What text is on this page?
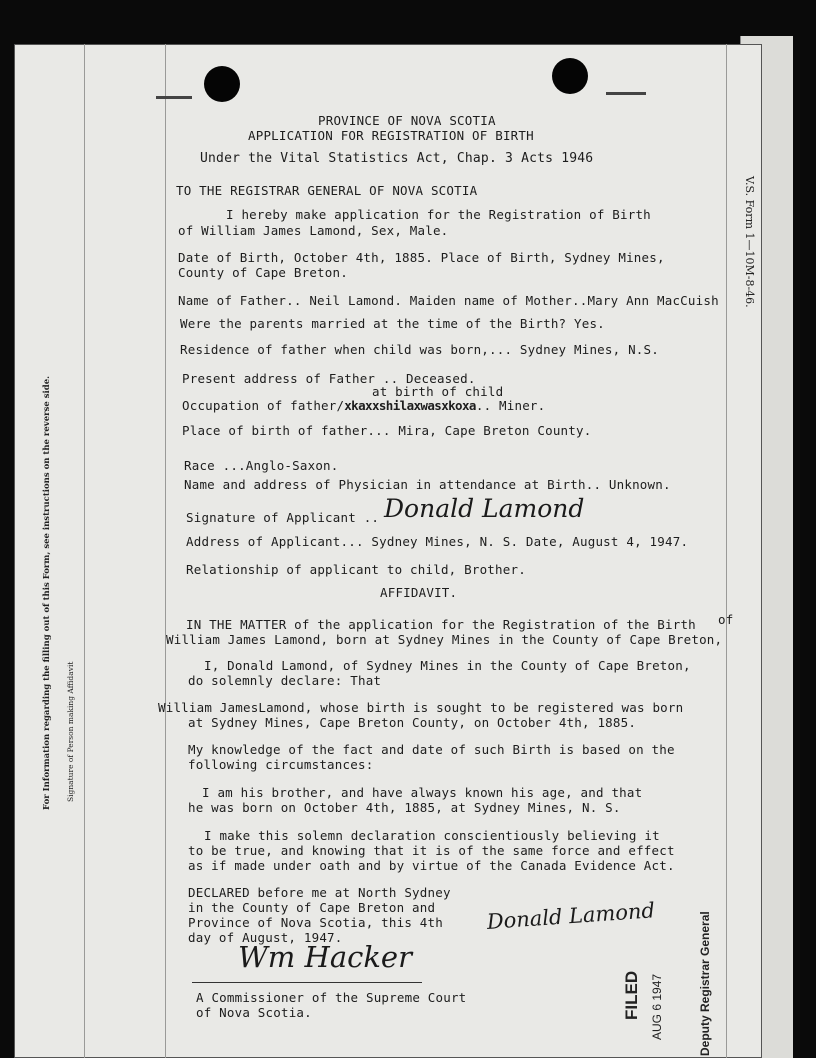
PROVINCE OF NOVA SCOTIA
APPLICATION FOR REGISTRATION OF BIRTH
Under the Vital Statistics Act, Chap. 3 Acts 1946
V.S. Form 1—10M-8-46.
For Information regarding the filling out of this Form, see instructions on the reverse side. Signature of Person making Affidavit
TO THE REGISTRAR GENERAL OF NOVA SCOTIA
I hereby make application for the Registration of Birth
of William James Lamond, Sex, Male.
Date of Birth, October 4th, 1885. Place of Birth, Sydney Mines,
County of Cape Breton.
Name of Father.. Neil Lamond. Maiden name of Mother..Mary Ann MacCuish
Were the parents married at the time of the Birth? Yes.
Residence of father when child was born,... Sydney Mines, N.S.
Present address of Father .. Deceased.
at birth of child
Occupation of father/xkaxxshilaxwasxkoxa.. Miner.
Place of birth of father... Mira, Cape Breton County.
Race ...Anglo-Saxon.
Name and address of Physician in attendance at Birth.. Unknown.
Signature of Applicant .. Donald Lamond
Address of Applicant... Sydney Mines, N. S. Date, August 4, 1947.
Relationship of applicant to child, Brother.
AFFIDAVIT.
IN THE MATTER of the application for the Registration of the Birth of
William James Lamond, born at Sydney Mines in the County of Cape Breton,
I, Donald Lamond, of Sydney Mines in the County of Cape Breton,
do solemnly declare: That
William JamesLamond, whose birth is sought to be registered was born
at Sydney Mines, Cape Breton County, on October 4th, 1885.
My knowledge of the fact and date of such Birth is based on the
following circumstances:
I am his brother, and have always known his age, and that
he was born on October 4th, 1885, at Sydney Mines, N. S.
I make this solemn declaration conscientiously believing it
to be true, and knowing that it is of the same force and effect
as if made under oath and by virtue of the Canada Evidence Act.
DECLARED before me at North Sydney
in the County of Cape Breton and
Province of Nova Scotia, this 4th
day of August, 1947.
Donald Lamond
Wm Hacker
A Commissioner of the Supreme Court
of Nova Scotia.	FILED AUG 6 1947	Deputy Registrar General
